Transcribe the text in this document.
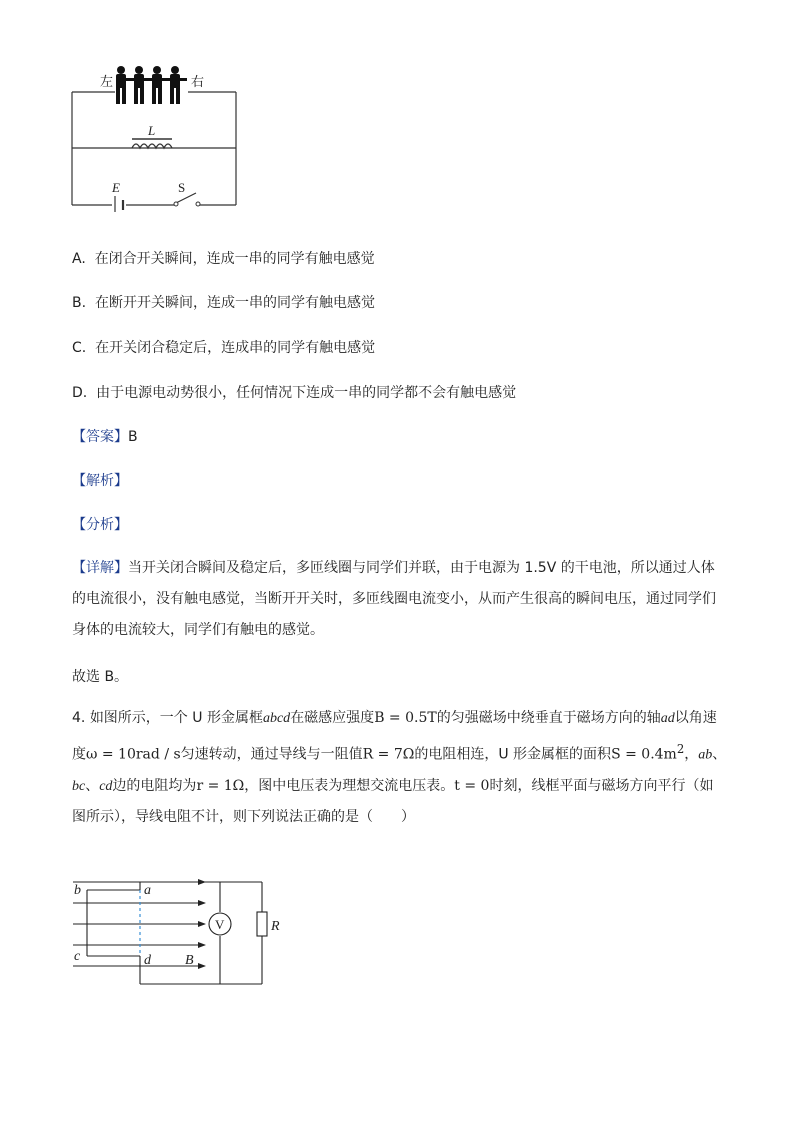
左	右
L
E	S
A. 在闭合开关瞬间，连成一串的同学有触电感觉
B. 在断开开关瞬间，连成一串的同学有触电感觉
C. 在开关闭合稳定后，连成串的同学有触电感觉
D. 由于电源电动势很小，任何情况下连成一串的同学都不会有触电感觉
【答案】B
【解析】
【分析】
【详解】当开关闭合瞬间及稳定后，多匝线圈与同学们并联，由于电源为 1.5V 的干电池，所以通过人体的电流很小，没有触电感觉，当断开开关时，多匝线圈电流变小，从而产生很高的瞬间电压，通过同学们身体的电流较大，同学们有触电的感觉。
故选 B。
4. 如图所示，一个 U 形金属框abcd在磁感应强度B = 0.5T的匀强磁场中绕垂直于磁场方向的轴ad以角速度ω = 10rad / s匀速转动，通过导线与一阻值R = 7Ω的电阻相连，U 形金属框的面积$S = 0.4m^2$，ab、bc、cd边的电阻均为r = 1Ω，图中电压表为理想交流电压表。t = 0时刻，线框平面与磁场方向平行（如图所示），导线电阻不计，则下列说法正确的是（　　）
V
b	a
c	d B
R
